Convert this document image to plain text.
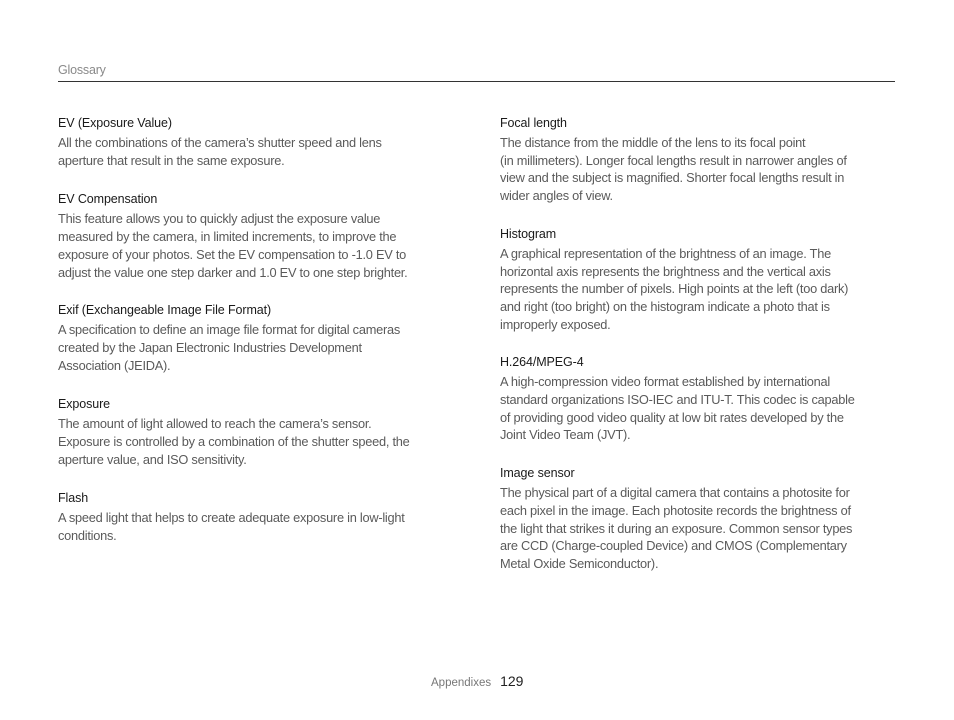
Glossary

EV (Exposure Value)

All the combinations of the camera’s shutter speed and lens
aperture that result in the same exposure.

EV Compensation

This feature allows you to quickly adjust the exposure value
measured by the camera, in limited increments, to improve the
exposure of your photos. Set the EV compensation to -1.0 EV to
adjust the value one step darker and 1.0 EV to one step brighter.

Exif (Exchangeable Image File Format)

A specification to define an image file format for digital cameras
created by the Japan Electronic Industries Development
Association (JEIDA).

Exposure

The amount of light allowed to reach the camera’s sensor.
Exposure is controlled by a combination of the shutter speed, the
aperture value, and ISO sensitivity.

Flash

A speed light that helps to create adequate exposure in low-light
conditions.

Focal length

The distance from the middle of the lens to its focal point
(in millimeters). Longer focal lengths result in narrower angles of
view and the subject is magnified. Shorter focal lengths result in
wider angles of view.

Histogram

A graphical representation of the brightness of an image. The
horizontal axis represents the brightness and the vertical axis
represents the number of pixels. High points at the left (too dark)
and right (too bright) on the histogram indicate a photo that is
improperly exposed.

H.264/MPEG-4

A high-compression video format established by international
standard organizations ISO-IEC and ITU-T. This codec is capable
of providing good video quality at low bit rates developed by the
Joint Video Team (JVT).

Image sensor

The physical part of a digital camera that contains a photosite for
each pixel in the image. Each photosite records the brightness of
the light that strikes it during an exposure. Common sensor types
are CCD (Charge-coupled Device) and CMOS (Complementary
Metal Oxide Semiconductor).

Appendixes 129
